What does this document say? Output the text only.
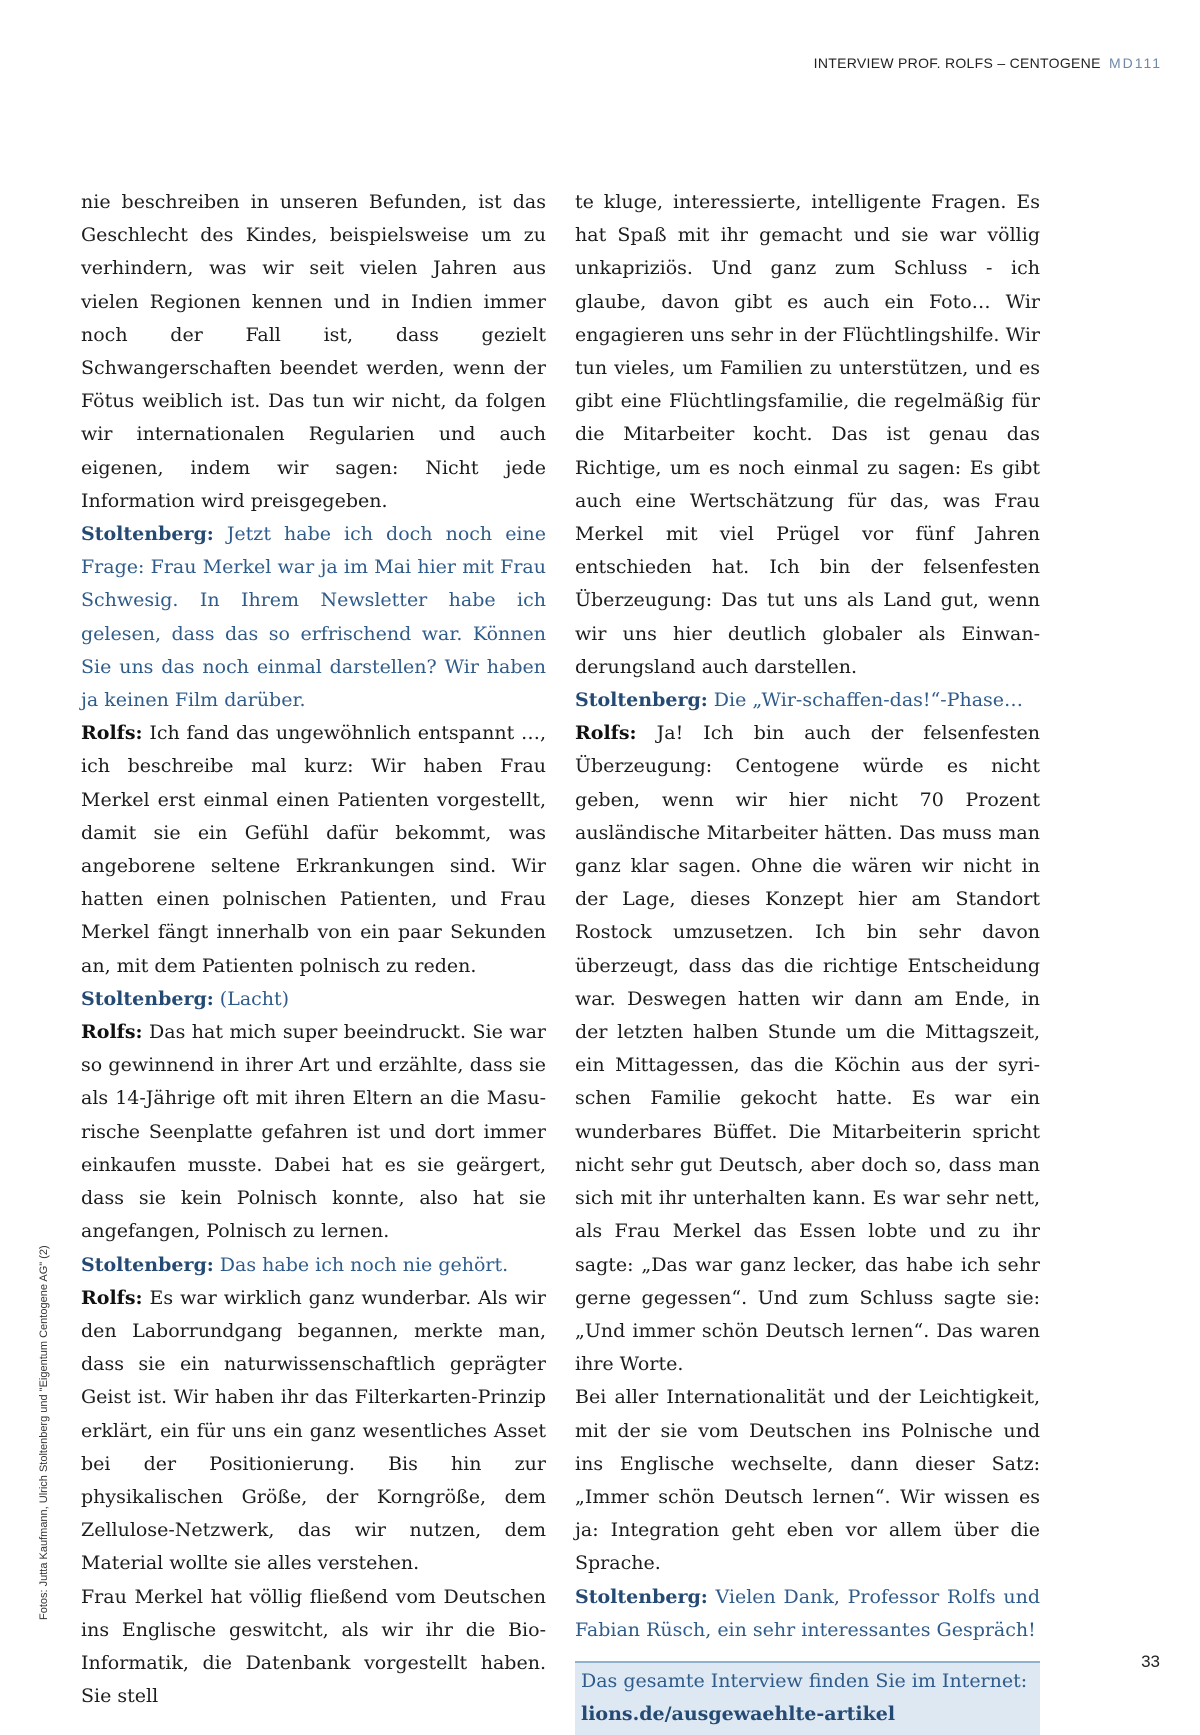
INTERVIEW PROF. ROLFS – CENTOGENE MD111

nie beschreiben in unseren Befunden, ist das Geschlecht des Kindes, beispielsweise um zu verhindern, was wir seit vielen Jahren aus vielen Regionen kennen und in Indien immer noch der Fall ist, dass gezielt Schwangerschaften beendet werden, wenn der Fötus weiblich ist. Das tun wir nicht, da folgen wir internationalen Regularien und auch eigenen, indem wir sagen: Nicht jede Information wird preisgegeben.

Stoltenberg: Jetzt habe ich doch noch eine Frage: Frau Merkel war ja im Mai hier mit Frau Schwesig. In Ihrem Newsletter habe ich gelesen, dass das so erfrischend war. Können Sie uns das noch einmal darstellen? Wir haben ja keinen Film darüber.

Rolfs: Ich fand das ungewöhnlich entspannt …, ich beschreibe mal kurz: Wir haben Frau Merkel erst einmal einen Patienten vorgestellt, damit sie ein Gefühl dafür bekommt, was angeborene seltene Erkrankungen sind. Wir hatten einen polnischen Patienten, und Frau Merkel fängt innerhalb von ein paar Sekunden an, mit dem Patienten polnisch zu reden.

Stoltenberg: (Lacht)

Rolfs: Das hat mich super beeindruckt. Sie war so gewinnend in ihrer Art und erzählte, dass sie als 14-Jährige oft mit ihren Eltern an die Masurische Seenplatte gefahren ist und dort immer einkaufen musste. Dabei hat es sie geärgert, dass sie kein Polnisch konnte, also hat sie angefangen, Polnisch zu lernen.

Stoltenberg: Das habe ich noch nie gehört.

Rolfs: Es war wirklich ganz wunderbar. Als wir den Laborrundgang begannen, merkte man, dass sie ein naturwissenschaftlich geprägter Geist ist. Wir haben ihr das Filterkarten-Prinzip erklärt, ein für uns ein ganz wesentliches Asset bei der Positionierung. Bis hin zur physikalischen Größe, der Korngröße, dem Zellulose-Netzwerk, das wir nutzen, dem Material wollte sie alles verstehen.

Frau Merkel hat völlig fließend vom Deutschen ins Englische geswitcht, als wir ihr die Bio-Informatik, die Datenbank vorgestellt haben. Sie stell

te kluge, interessierte, intelligente Fragen. Es hat Spaß mit ihr gemacht und sie war völlig unkapriziös. Und ganz zum Schluss - ich glaube, davon gibt es auch ein Foto… Wir engagieren uns sehr in der Flüchtlingshilfe. Wir tun vieles, um Familien zu unterstützen, und es gibt eine Flüchtlingsfamilie, die regelmäßig für die Mitarbeiter kocht. Das ist genau das Richtige, um es noch einmal zu sagen: Es gibt auch eine Wertschätzung für das, was Frau Merkel mit viel Prügel vor fünf Jahren entschieden hat. Ich bin der felsenfesten Überzeugung: Das tut uns als Land gut, wenn wir uns hier deutlich globaler als Einwanderungsland auch darstellen.

Stoltenberg: Die „Wir-schaffen-das!“-Phase…

Rolfs: Ja! Ich bin auch der felsenfesten Überzeugung: Centogene würde es nicht geben, wenn wir hier nicht 70 Prozent ausländische Mitarbeiter hätten. Das muss man ganz klar sagen. Ohne die wären wir nicht in der Lage, dieses Konzept hier am Standort Rostock umzusetzen. Ich bin sehr davon überzeugt, dass das die richtige Entscheidung war. Deswegen hatten wir dann am Ende, in der letzten halben Stunde um die Mittagszeit, ein Mittagessen, das die Köchin aus der syrischen Familie gekocht hatte. Es war ein wunderbares Büffet. Die Mitarbeiterin spricht nicht sehr gut Deutsch, aber doch so, dass man sich mit ihr unterhalten kann. Es war sehr nett, als Frau Merkel das Essen lobte und zu ihr sagte: „Das war ganz lecker, das habe ich sehr gerne gegessen“. Und zum Schluss sagte sie: „Und immer schön Deutsch lernen“. Das waren ihre Worte.

Bei aller Internationalität und der Leichtigkeit, mit der sie vom Deutschen ins Polnische und ins Englische wechselte, dann dieser Satz: „Immer schön Deutsch lernen“. Wir wissen es ja: Integration geht eben vor allem über die Sprache.

Stoltenberg: Vielen Dank, Professor Rolfs und Fabian Rüsch, ein sehr interessantes Gespräch!

Das gesamte Interview finden Sie im Internet:
lions.de/ausgewaehlte-artikel
Fotos: Jutta Kaufmann, Ulrich Stoltenberg und "Eigentum Centogene AG" (2)
33
